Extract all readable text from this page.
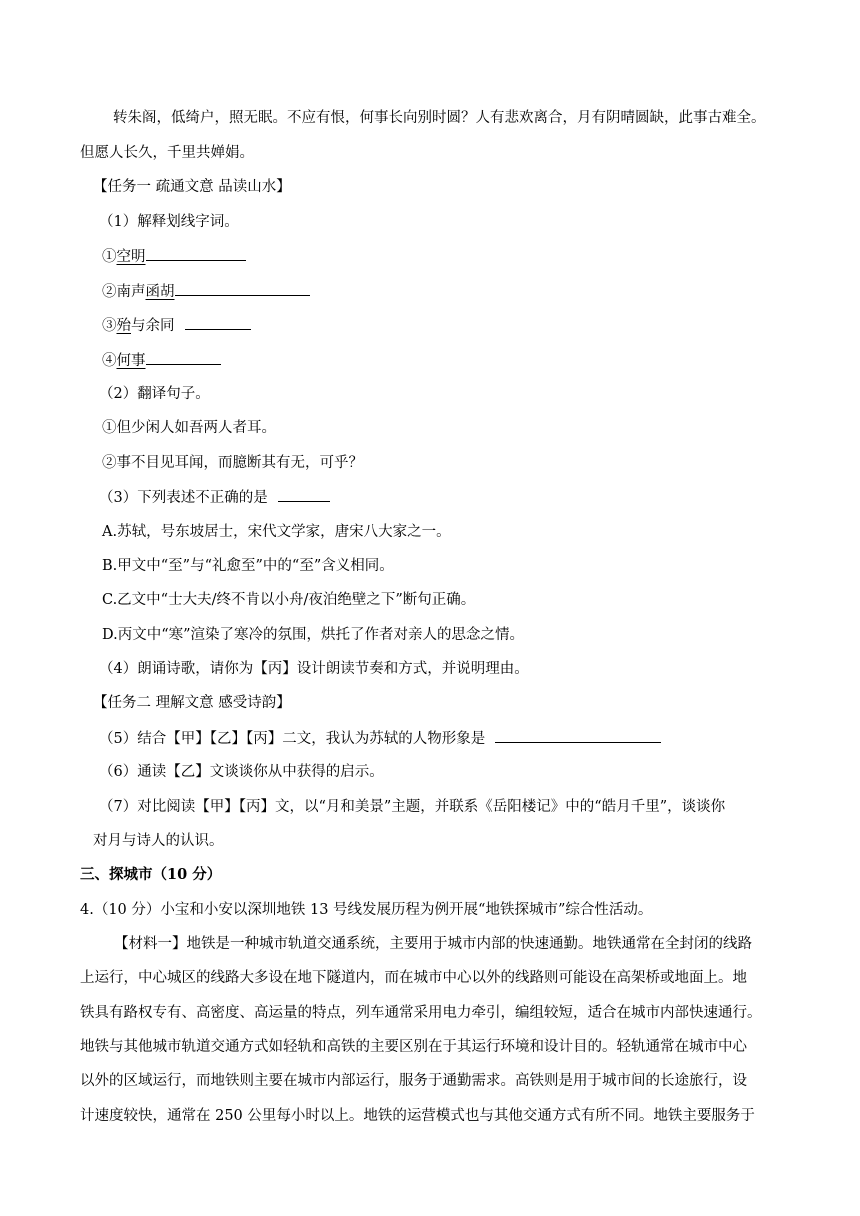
转朱阁，低绮户，照无眠。不应有恨，何事长向别时圆？人有悲欢离合，月有阴晴圆缺，此事古难全。
但愿人长久，千里共婵娟。
【任务一 疏通文意 品读山水】
（1）解释划线字词。
①空明
②南声函胡
③殆与余同
④何事
（2）翻译句子。
①但少闲人如吾两人者耳。
②事不目见耳闻，而臆断其有无，可乎？
（3）下列表述不正确的是
A.苏轼，号东坡居士，宋代文学家，唐宋八大家之一。
B.甲文中“至”与“礼愈至”中的“至”含义相同。
C.乙文中“士大夫/终不肯以小舟/夜泊绝壁之下”断句正确。
D.丙文中“寒”渲染了寒冷的氛围，烘托了作者对亲人的思念之情。
（4）朗诵诗歌，请你为【丙】设计朗读节奏和方式，并说明理由。
【任务二 理解文意 感受诗韵】
（5）结合【甲】【乙】【丙】二文，我认为苏轼的人物形象是
（6）通读【乙】文谈谈你从中获得的启示。
（7）对比阅读【甲】【丙】文，以“月和美景”主题，并联系《岳阳楼记》中的“皓月千里”，谈谈你
对月与诗人的认识。
三、探城市（10 分）
4.（10 分）小宝和小安以深圳地铁 13 号线发展历程为例开展“地铁探城市”综合性活动。
【材料一】地铁是一种城市轨道交通系统，主要用于城市内部的快速通勤。地铁通常在全封闭的线路
上运行，中心城区的线路大多设在地下隧道内，而在城市中心以外的线路则可能设在高架桥或地面上。地
铁具有路权专有、高密度、高运量的特点，列车通常采用电力牵引，编组较短，适合在城市内部快速通行。
地铁与其他城市轨道交通方式如轻轨和高铁的主要区别在于其运行环境和设计目的。轻轨通常在城市中心
以外的区域运行，而地铁则主要在城市内部运行，服务于通勤需求。高铁则是用于城市间的长途旅行，设
计速度较快，通常在 250 公里每小时以上。地铁的运营模式也与其他交通方式有所不同。地铁主要服务于
